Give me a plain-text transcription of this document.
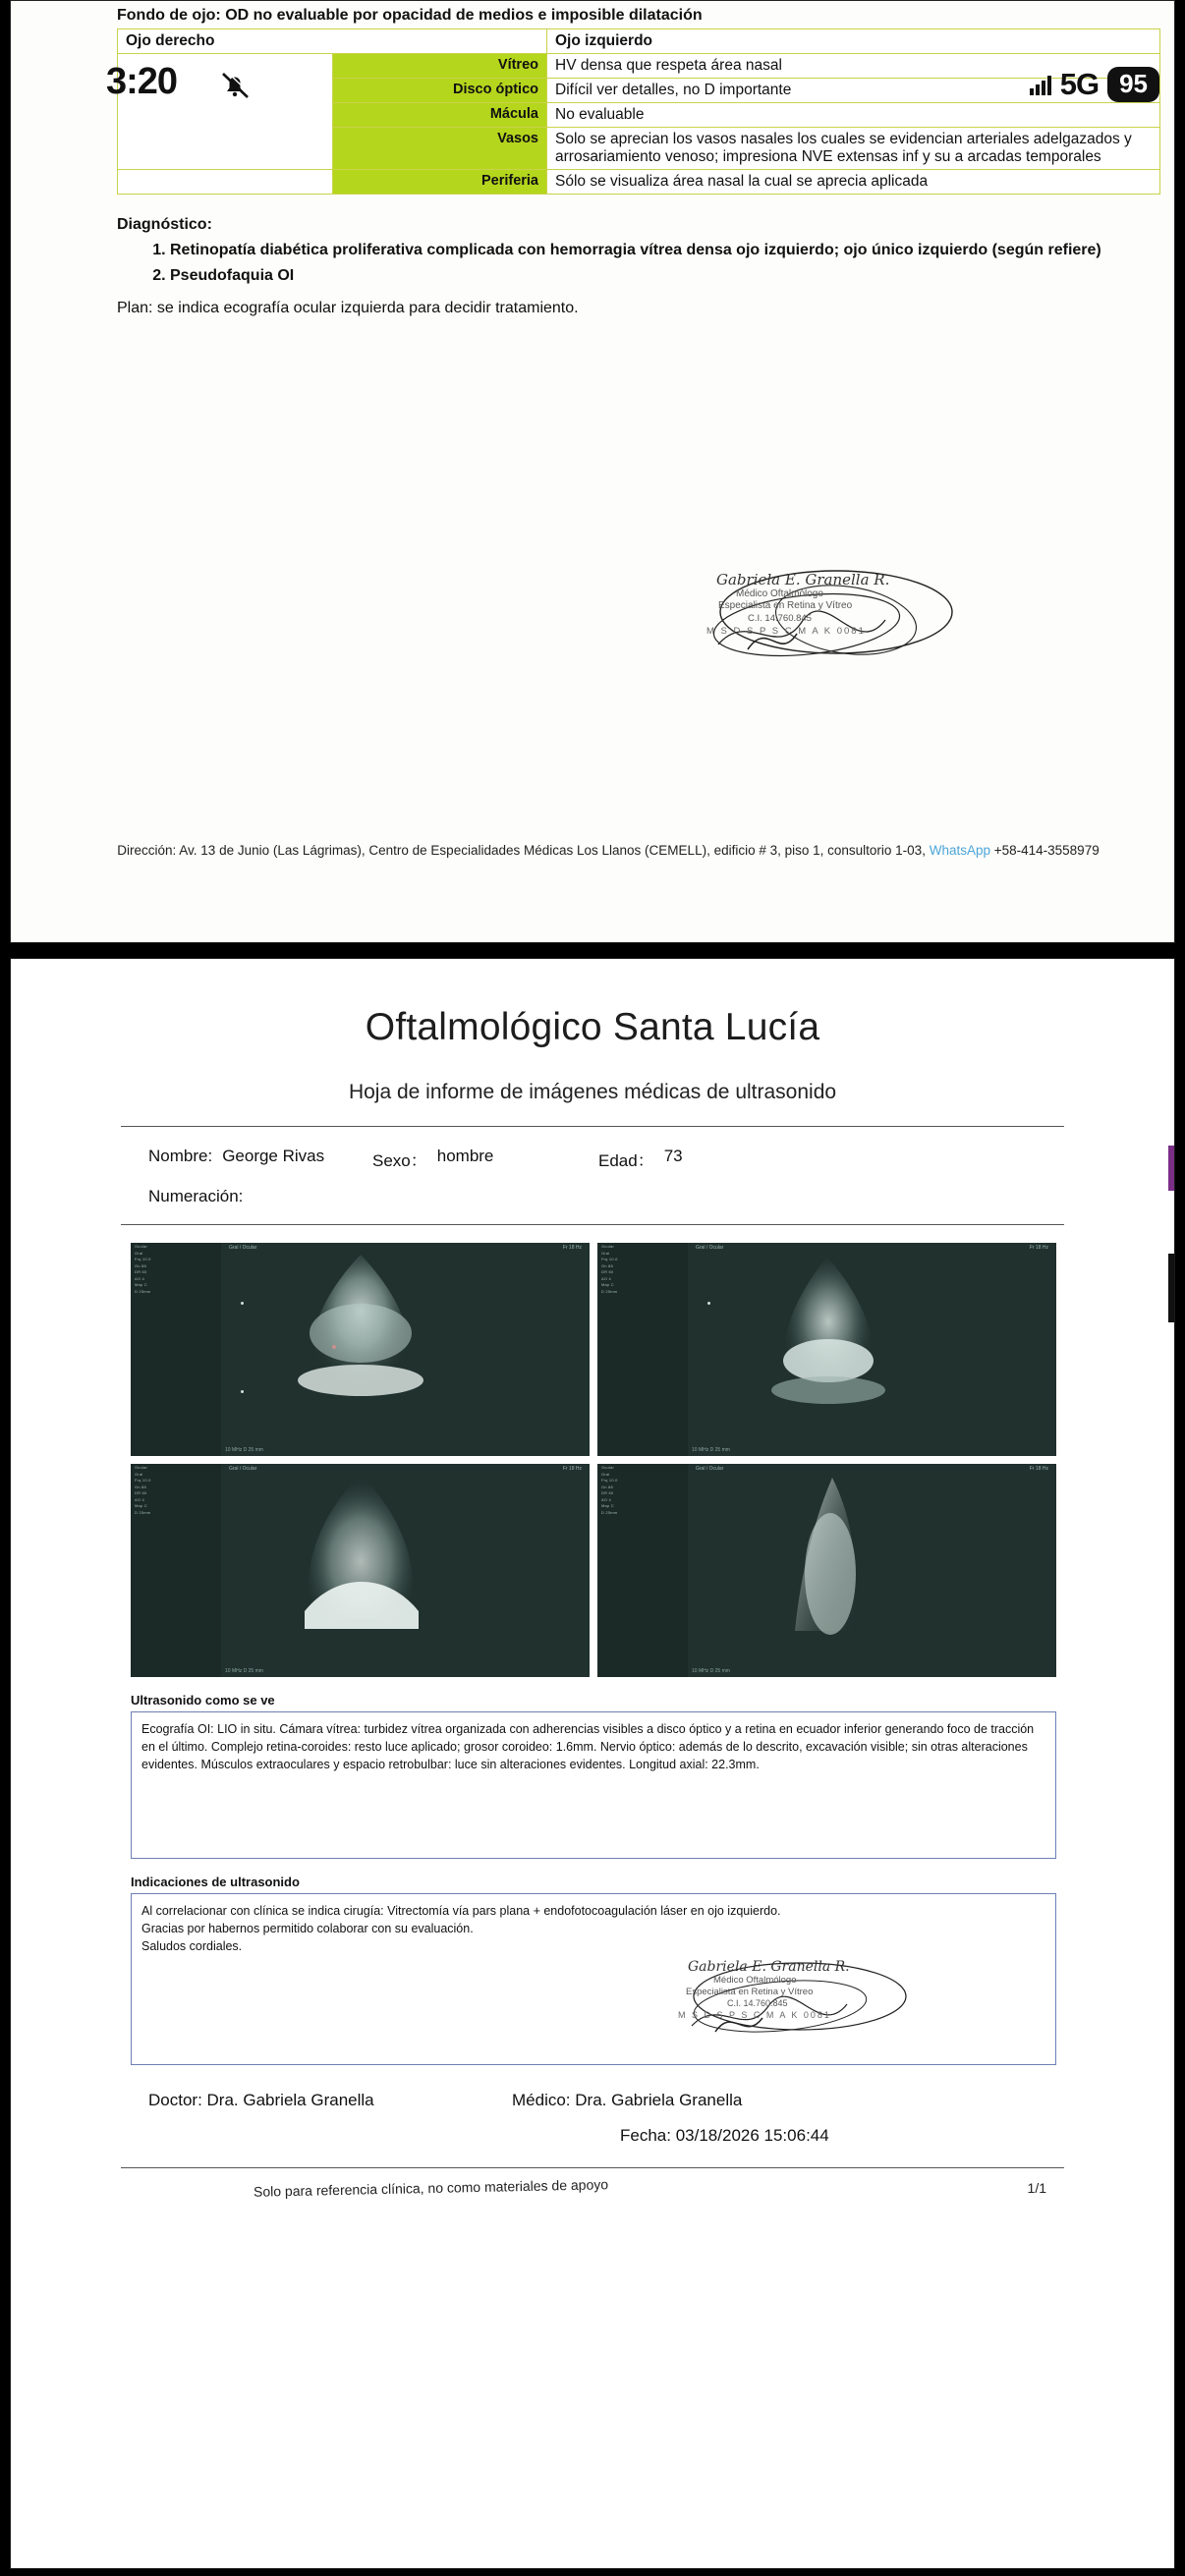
Fondo de ojo: OD no evaluable por opacidad de medios e imposible dilatación
Ojo derecho		Ojo izquierdo
	Vítreo	HV densa que respeta área nasal
	Disco óptico	Difícil ver detalles, no D importante
	Mácula	No evaluable
	Vasos	Solo se aprecian los vasos nasales los cuales se evidencian arteriales adelgazados y arrosariamiento venoso; impresiona NVE extensas inf y su a arcadas temporales
	Periferia	Sólo se visualiza área nasal la cual se aprecia aplicada
Diagnóstico:
1. Retinopatía diabética proliferativa complicada con hemorragia vítrea densa ojo izquierdo; ojo único izquierdo (según refiere)
2. Pseudofaquia OI
Plan: se indica ecografía ocular izquierda para decidir tratamiento.
Gabriela E. Granella R.
Médico Oftalmólogo
Especialista en Retina y Vítreo
C.I. 14.760.845
M S D S P S C M A K 0081
Dirección: Av. 13 de Junio (Las Lágrimas), Centro de Especialidades Médicas Los Llanos (CEMELL), edificio # 3, piso 1, consultorio 1-03, WhatsApp +58-414-3558979
3:20	5G 95
Oftalmológico Santa Lucía
Hoja de informe de imágenes médicas de ultrasonido
Nombre: George Rivas	Sexo： hombre	Edad： 73
Numeración:
Ocular
Gral
Frq 10.0
Gn 88
DR 60
AO 4
Map C
D 25mm
Gral / Ocular	Fr 18 Hz
10 MHz D 25 mm
Ocular
Gral
Frq 10.0
Gn 88
DR 60
AO 4
Map C
D 25mm
Gral / Ocular	Fr 18 Hz
10 MHz D 25 mm
Ocular
Gral
Frq 10.0
Gn 88
DR 60
AO 4
Map C
D 25mm
Gral / Ocular	Fr 18 Hz
10 MHz D 25 mm
Ocular
Gral
Frq 10.0
Gn 88
DR 60
AO 4
Map C
D 25mm
Gral / Ocular	Fr 18 Hz
10 MHz D 25 mm
Ultrasonido como se ve
Ecografía OI: LIO in situ. Cámara vítrea: turbidez vítrea organizada con adherencias visibles a disco óptico y a retina en ecuador inferior generando foco de tracción en el último. Complejo retina-coroides: resto luce aplicado; grosor coroideo: 1.6mm. Nervio óptico: además de lo descrito, excavación visible; sin otras alteraciones evidentes. Músculos extraoculares y espacio retrobulbar: luce sin alteraciones evidentes. Longitud axial: 22.3mm.
Indicaciones de ultrasonido
Al correlacionar con clínica se indica cirugía: Vitrectomía vía pars plana + endofotocoagulación láser en ojo izquierdo.
Gracias por habernos permitido colaborar con su evaluación.
Saludos cordiales.
Gabriela E. Granella R.
Médico Oftalmólogo
Especialista en Retina y Vítreo
C.I. 14.760.845
M S D S P S C M A K 0081
Doctor:
Dra. Gabriela Granella	Médico:
Dra. Gabriela Granella
Fecha:
03/18/2026 15:06:44
Solo para referencia clínica, no como materiales de apoyo	1/1
